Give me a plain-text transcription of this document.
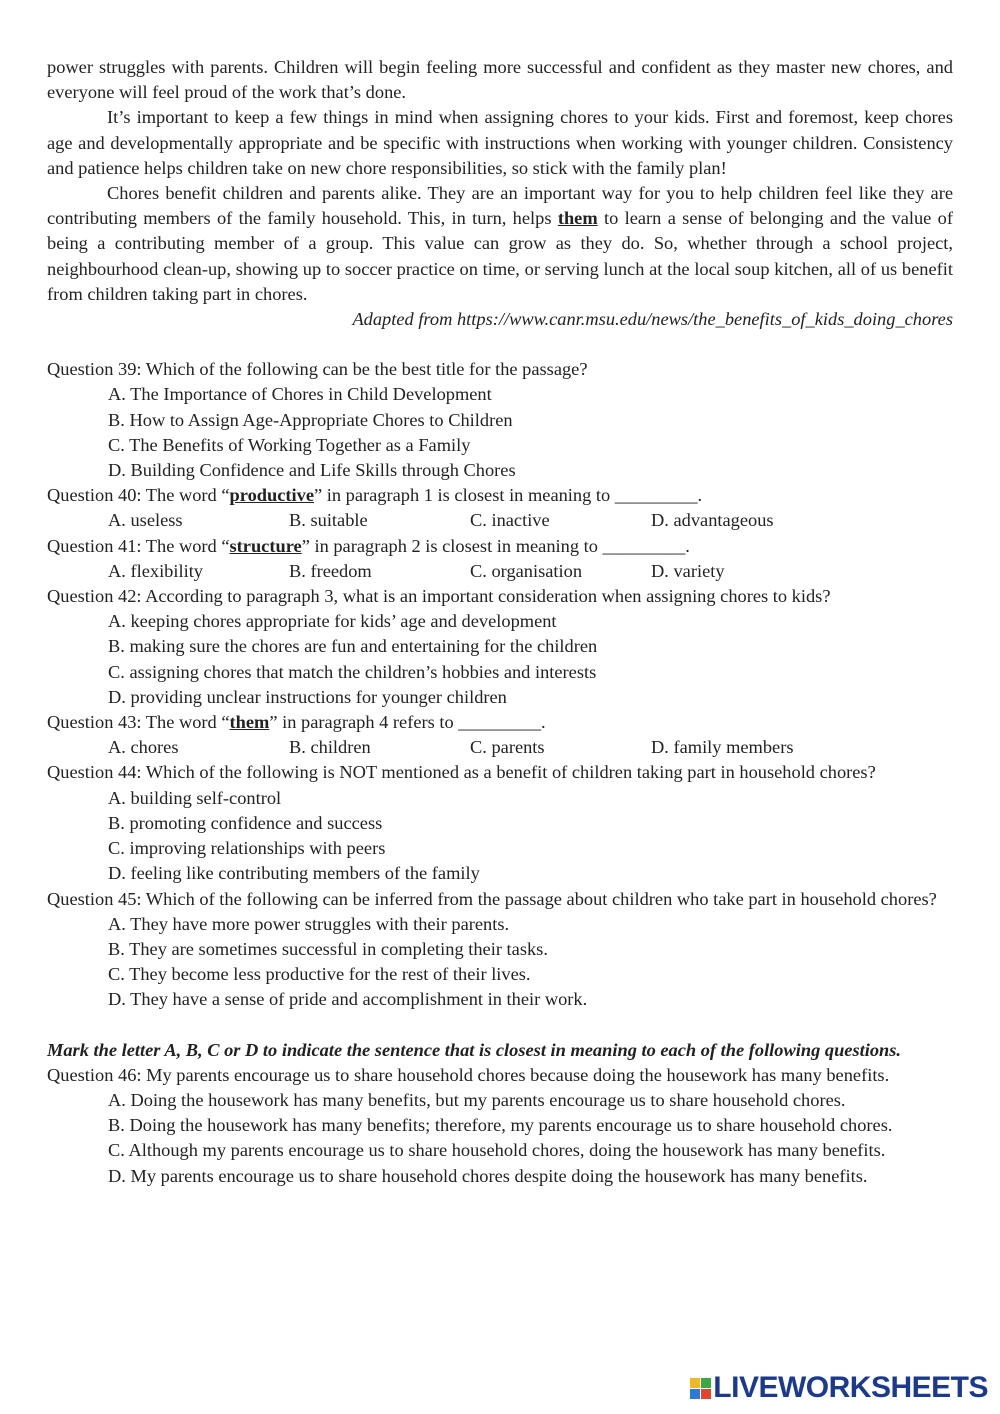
power struggles with parents. Children will begin feeling more successful and confident as they master new chores, and everyone will feel proud of the work that’s done.

It’s important to keep a few things in mind when assigning chores to your kids. First and foremost, keep chores age and developmentally appropriate and be specific with instructions when working with younger children. Consistency and patience helps children take on new chore responsibilities, so stick with the family plan!

Chores benefit children and parents alike. They are an important way for you to help children feel like they are contributing members of the family household. This, in turn, helps them to learn a sense of belonging and the value of being a contributing member of a group. This value can grow as they do. So, whether through a school project, neighbourhood clean-up, showing up to soccer practice on time, or serving lunch at the local soup kitchen, all of us benefit from children taking part in chores.

Adapted from https://www.canr.msu.edu/news/the_benefits_of_kids_doing_chores

Question 39: Which of the following can be the best title for the passage?

A. The Importance of Chores in Child Development

B. How to Assign Age-Appropriate Chores to Children

C. The Benefits of Working Together as a Family

D. Building Confidence and Life Skills through Chores

Question 40: The word “productive” in paragraph 1 is closest in meaning to _________.

A. useless	B. suitable	C. inactive	D. advantageous

Question 41: The word “structure” in paragraph 2 is closest in meaning to _________.

A. flexibility	B. freedom	C. organisation	D. variety

Question 42: According to paragraph 3, what is an important consideration when assigning chores to kids?

A. keeping chores appropriate for kids’ age and development

B. making sure the chores are fun and entertaining for the children

C. assigning chores that match the children’s hobbies and interests

D. providing unclear instructions for younger children

Question 43: The word “them” in paragraph 4 refers to _________.

A. chores	B. children	C. parents	D. family members

Question 44: Which of the following is NOT mentioned as a benefit of children taking part in household chores?

A. building self-control

B. promoting confidence and success

C. improving relationships with peers

D. feeling like contributing members of the family

Question 45: Which of the following can be inferred from the passage about children who take part in household chores?

A. They have more power struggles with their parents.

B. They are sometimes successful in completing their tasks.

C. They become less productive for the rest of their lives.

D. They have a sense of pride and accomplishment in their work.

Mark the letter A, B, C or D to indicate the sentence that is closest in meaning to each of the following questions.

Question 46: My parents encourage us to share household chores because doing the housework has many benefits.

A. Doing the housework has many benefits, but my parents encourage us to share household chores.

B. Doing the housework has many benefits; therefore, my parents encourage us to share household chores.

C. Although my parents encourage us to share household chores, doing the housework has many benefits.

D. My parents encourage us to share household chores despite doing the housework has many benefits.

LIVEWORKSHEETS
